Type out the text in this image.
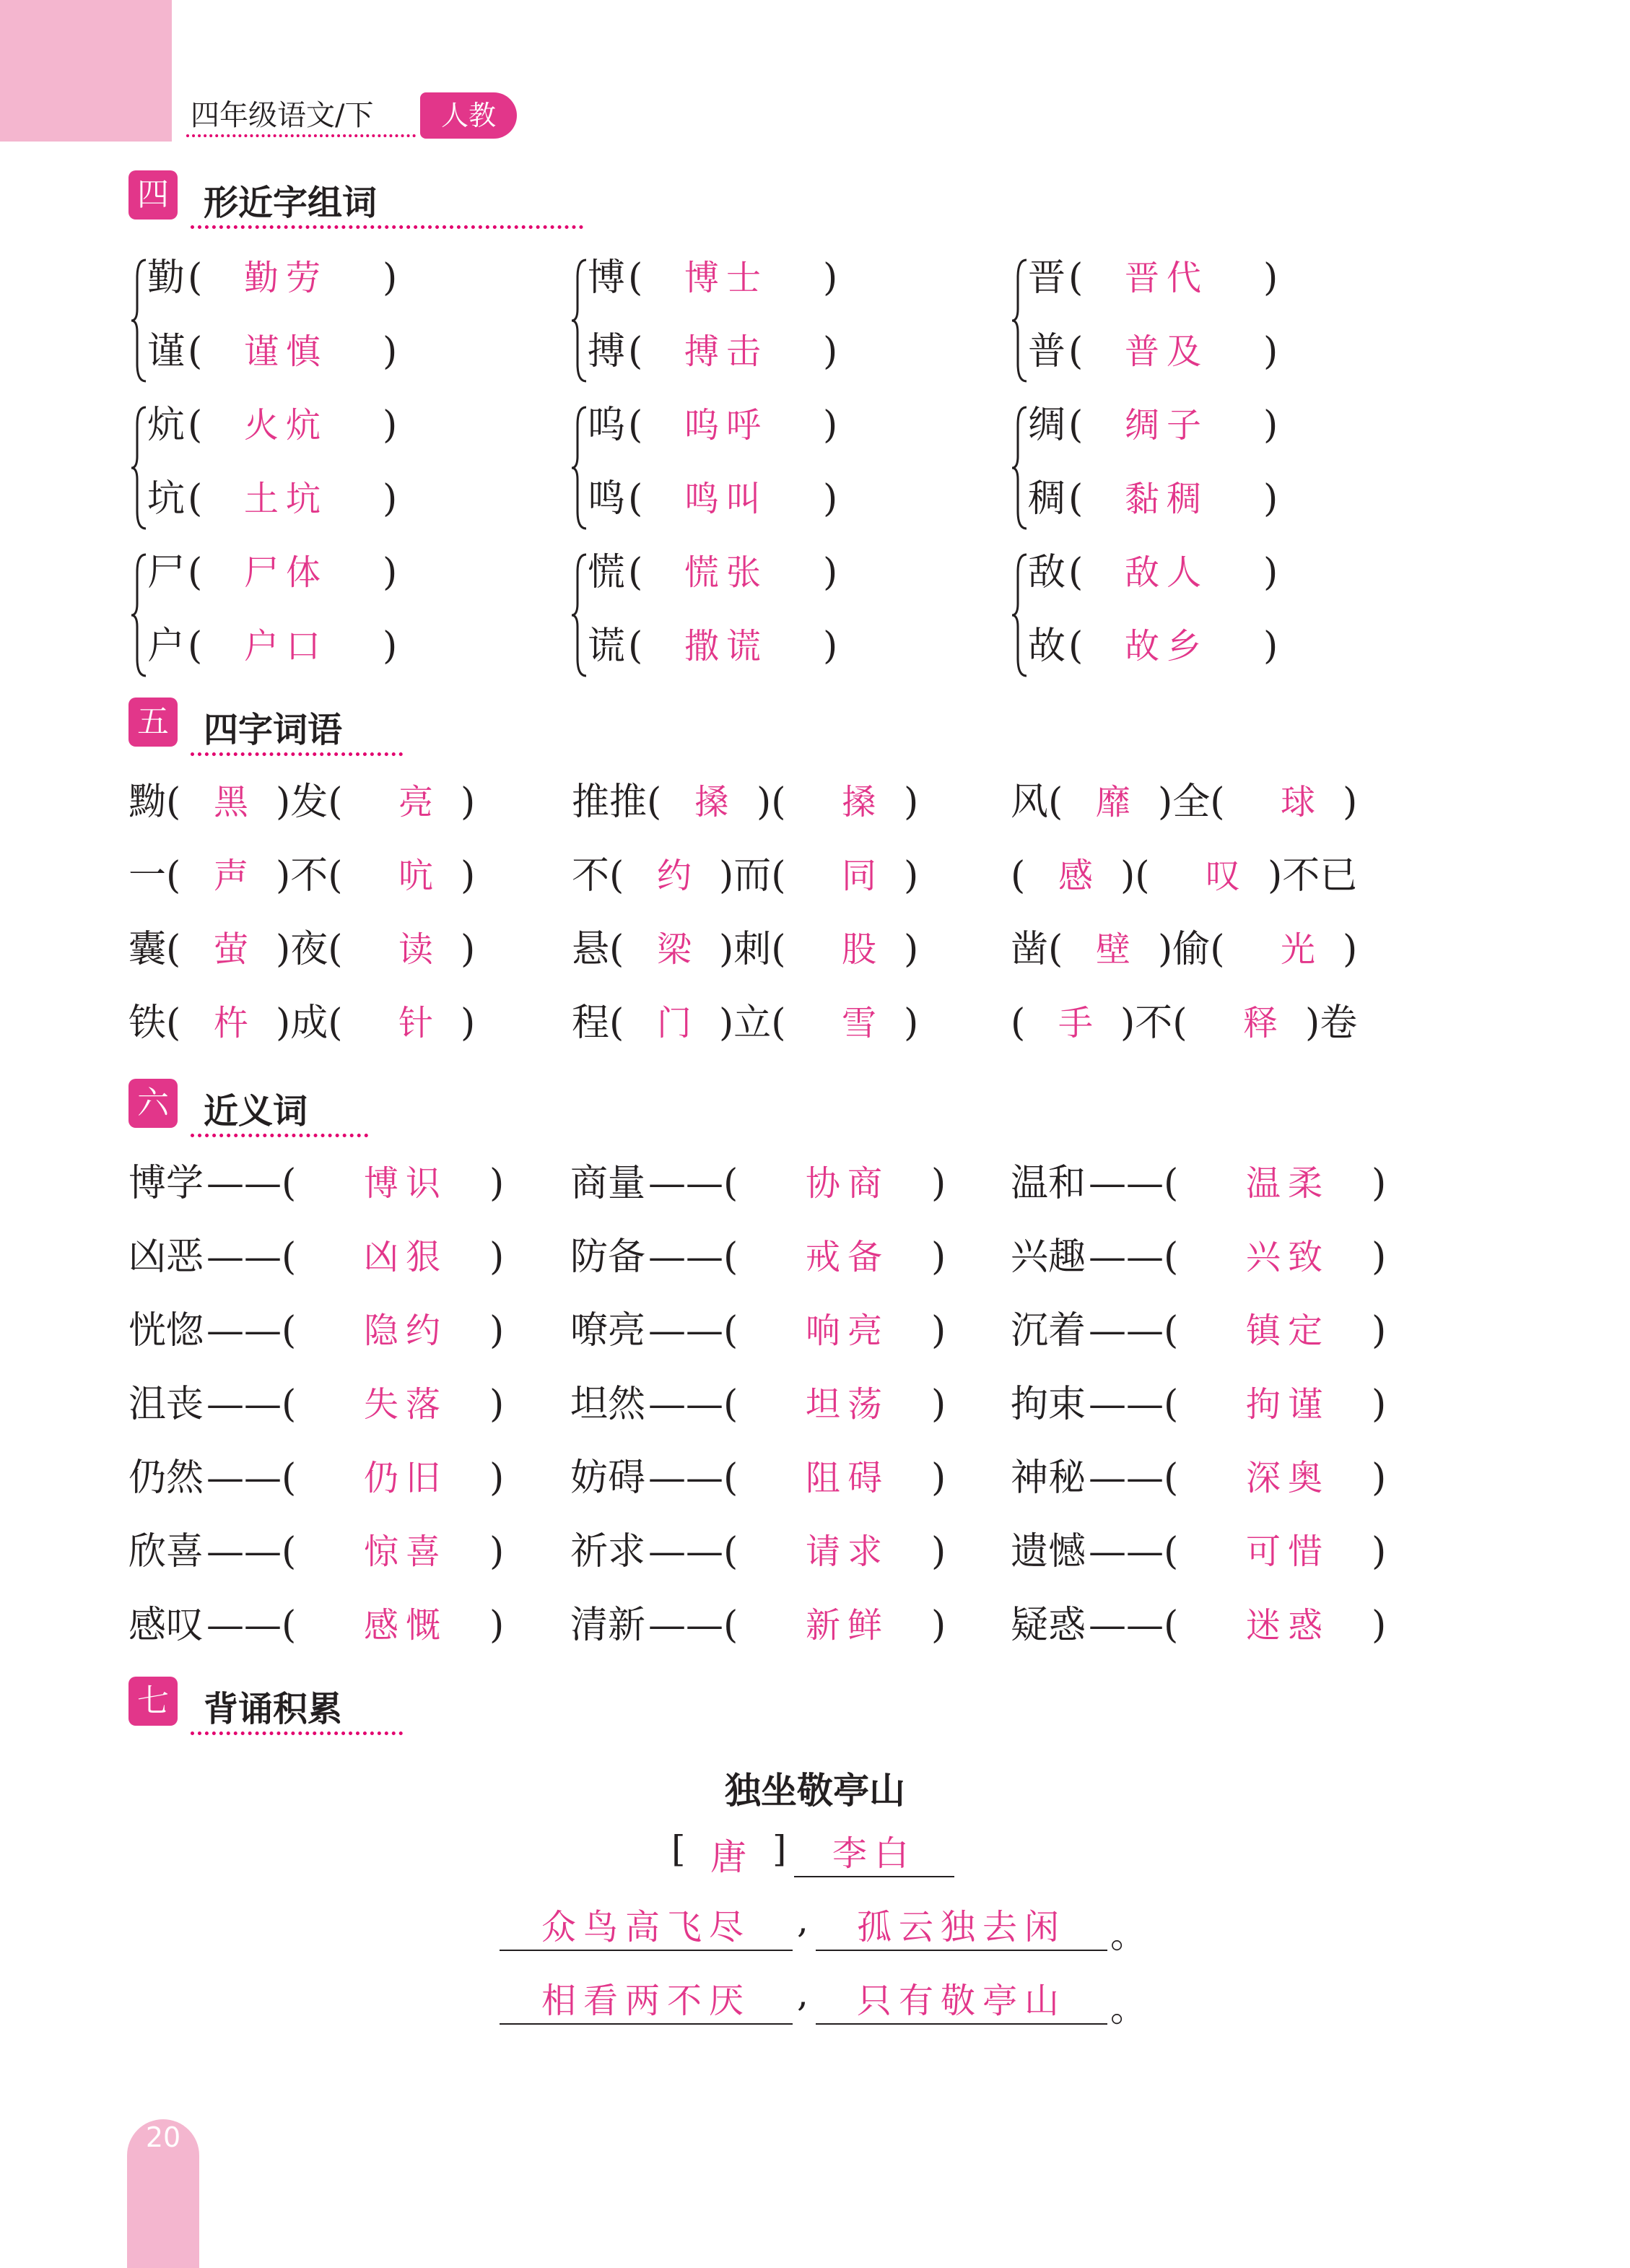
四年级语文/下	人教
四 形近字组词
勤 ( 勤劳 )
谨 ( 谨慎 )
博 ( 博士 )
搏 ( 搏击 )
晋 ( 晋代 )
普 ( 普及 )
炕 ( 火炕 )
坑 ( 土坑 )
呜 ( 呜呼 )
鸣 ( 鸣叫 )
绸 ( 绸子 )
稠 ( 黏稠 )
尸 ( 尸体 )
户 ( 户口 )
慌 ( 慌张 )
谎 ( 撒谎 )
敌 ( 敌人 )
故 ( 故乡 )
五 四字词语
黝( 黑 )发( 亮 )	推推( 搡 )( 搡 ) 风( 靡 )全( 球 )
一( 声 )不( 吭 )	不( 约 )而( 同 ) ( 感 )( 叹 )不已
囊( 萤 )夜( 读 )	悬( 梁 )刺( 股 ) 凿( 壁 )偷( 光 )
铁( 杵 )成( 针 )	程( 门 )立( 雪 ) ( 手 )不( 释 )卷
六 近义词
博学 ——( 博识 ) 商量 ——( 协商 ) 温和 ——( 温柔 )
凶恶 ——( 凶狠 ) 防备 ——( 戒备 ) 兴趣 ——( 兴致 )
恍惚 ——( 隐约 ) 嘹亮 ——( 响亮 ) 沉着 ——( 镇定 )
沮丧 ——( 失落 ) 坦然 ——( 坦荡 ) 拘束 ——( 拘谨 )
仍然 ——( 仍旧 ) 妨碍 ——( 阻碍 ) 神秘 ——( 深奥 )
欣喜 ——( 惊喜 ) 祈求 ——( 请求 ) 遗憾 ——( 可惜 )
感叹 ——( 感慨 ) 清新 ——( 新鲜 ) 疑惑 ——( 迷惑 )
七 背诵积累
独坐敬亭山
[ 唐 ]	李白
众鸟高飞尽	,	孤云独去闲	。
相看两不厌	,	只有敬亭山	。
20
